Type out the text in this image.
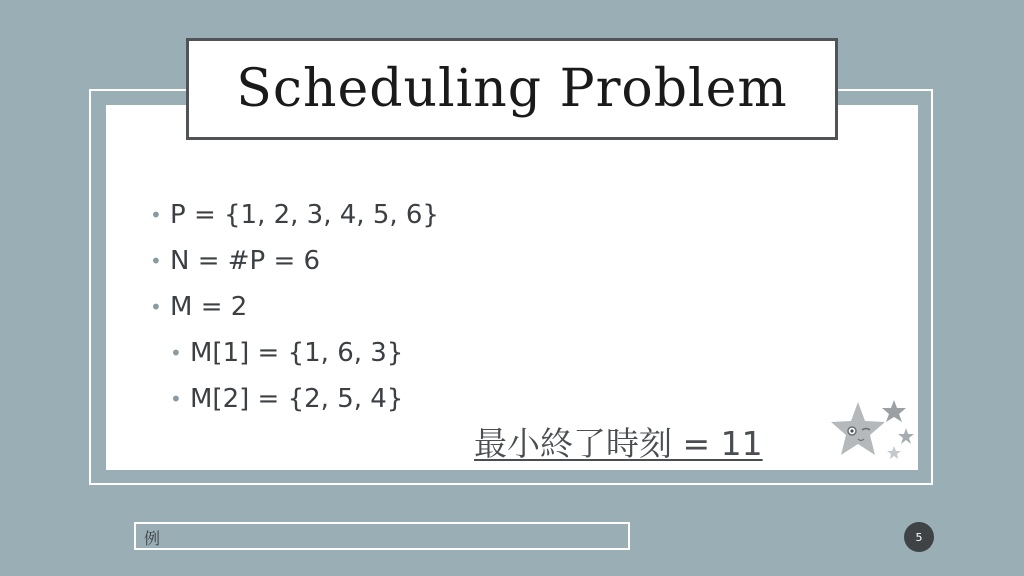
Scheduling Problem
• P = {1, 2, 3, 4, 5, 6}
• N = #P = 6
• M = 2
• M[1] = {1, 6, 3}
• M[2] = {2, 5, 4}
最小終了時刻 = 11
例	5
